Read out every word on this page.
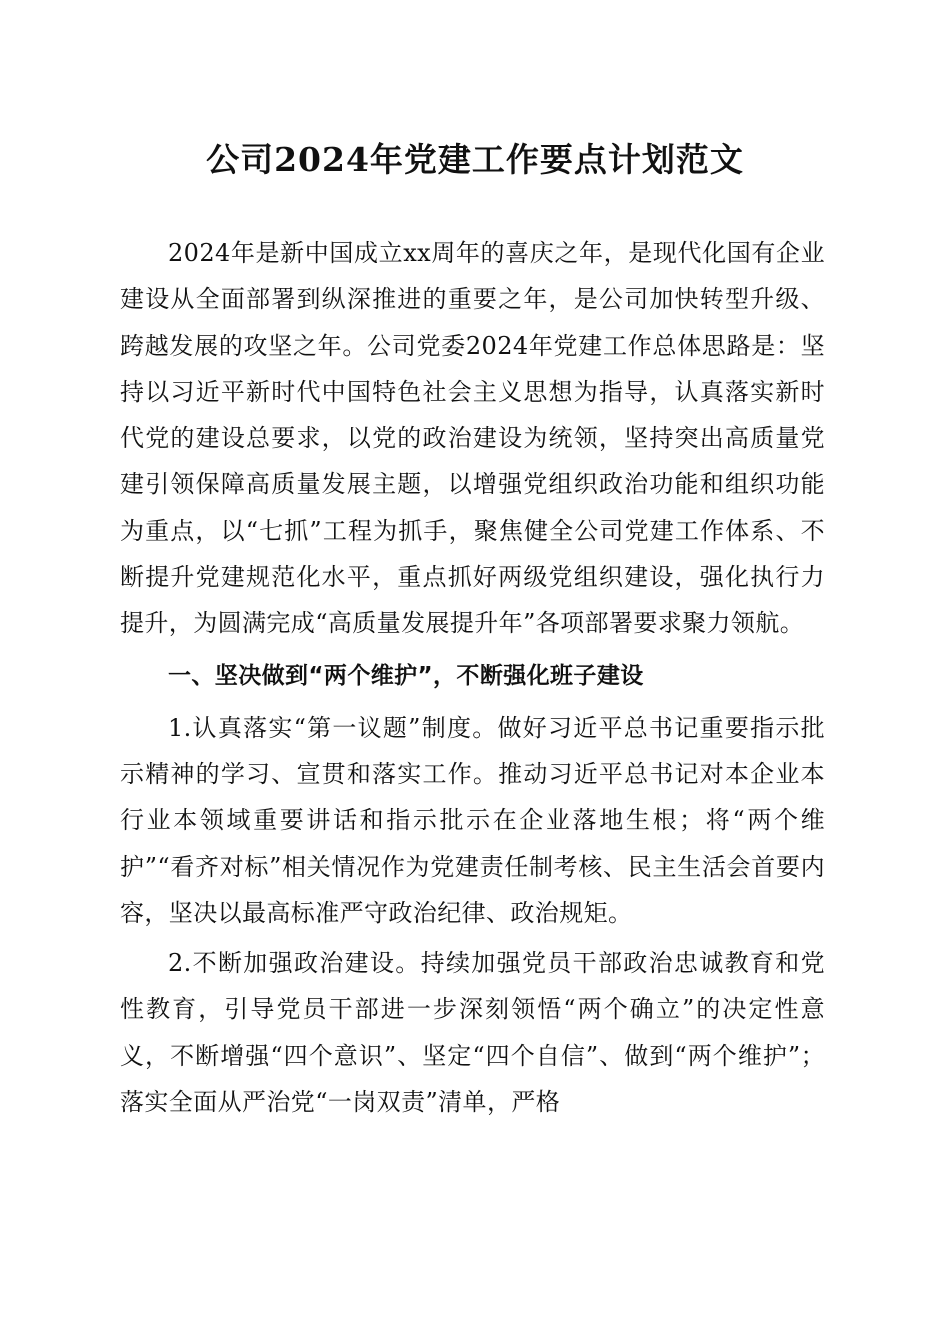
公司2024年党建工作要点计划范文

2024年是新中国成立xx周年的喜庆之年，是现代化国有企业建设从全面部署到纵深推进的重要之年，是公司加快转型升级、跨越发展的攻坚之年。公司党委2024年党建工作总体思路是：坚持以习近平新时代中国特色社会主义思想为指导，认真落实新时代党的建设总要求，以党的政治建设为统领，坚持突出高质量党建引领保障高质量发展主题，以增强党组织政治功能和组织功能为重点，以“七抓”工程为抓手，聚焦健全公司党建工作体系、不断提升党建规范化水平，重点抓好两级党组织建设，强化执行力提升，为圆满完成“高质量发展提升年”各项部署要求聚力领航。

一、坚决做到“两个维护”，不断强化班子建设

1.认真落实“第一议题”制度。做好习近平总书记重要指示批示精神的学习、宣贯和落实工作。推动习近平总书记对本企业本行业本领域重要讲话和指示批示在企业落地生根；将“两个维护”“看齐对标”相关情况作为党建责任制考核、民主生活会首要内容，坚决以最高标准严守政治纪律、政治规矩。

2.不断加强政治建设。持续加强党员干部政治忠诚教育和党性教育，引导党员干部进一步深刻领悟“两个确立”的决定性意义，不断增强“四个意识”、坚定“四个自信”、做到“两个维护”；落实全面从严治党“一岗双责”清单，严格
